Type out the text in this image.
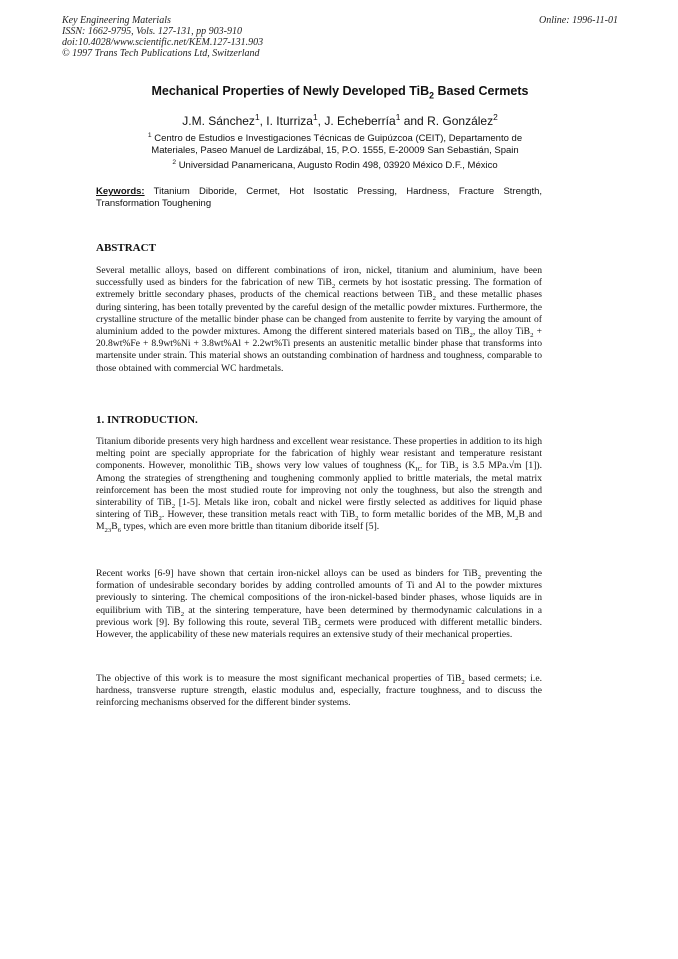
Key Engineering Materials
ISSN: 1662-9795, Vols. 127-131, pp 903-910
doi:10.4028/www.scientific.net/KEM.127-131.903
© 1997 Trans Tech Publications Ltd, Switzerland
Online: 1996-11-01
Mechanical Properties of Newly Developed TiB$_2$ Based Cermets
J.M. Sánchez$^1$, I. Iturriza$^1$, J. Echeberría$^1$ and R. González$^2$
$^1$ Centro de Estudios e Investigaciones Técnicas de Guipúzcoa (CEIT), Departamento de
Materiales, Paseo Manuel de Lardizábal, 15, P.O. 1555, E-20009 San Sebastián, Spain
$^2$ Universidad Panamericana, Augusto Rodin 498, 03920 México D.F., México
Keywords: Titanium Diboride, Cermet, Hot Isostatic Pressing, Hardness, Fracture Strength, Transformation Toughening
ABSTRACT
Several metallic alloys, based on different combinations of iron, nickel, titanium and aluminium, have been successfully used as binders for the fabrication of new TiB$_2$ cermets by hot isostatic pressing. The formation of extremely brittle secondary phases, products of the chemical reactions between TiB$_2$ and these metallic phases during sintering, has been totally prevented by the careful design of the metallic powder mixtures. Furthermore, the crystalline structure of the metallic binder phase can be changed from austenite to ferrite by varying the amount of aluminium added to the powder mixtures. Among the different sintered materials based on TiB$_2$, the alloy TiB$_2$ + 20.8wt%Fe + 8.9wt%Ni + 3.8wt%Al + 2.2wt%Ti presents an austenitic metallic binder phase that transforms into martensite under strain. This material shows an outstanding combination of hardness and toughness, comparable to those obtained with commercial WC hardmetals.
1. INTRODUCTION.
Titanium diboride presents very high hardness and excellent wear resistance. These properties in addition to its high melting point are specially appropriate for the fabrication of highly wear resistant and temperature resistant components. However, monolithic TiB$_2$ shows very low values of toughness ($K_{IC}$ for TiB$_2$ is 3.5 MPa.√m [1]). Among the strategies of strengthening and toughening commonly applied to brittle materials, the metal matrix reinforcement has been the most studied route for improving not only the toughness, but also the strength and sinterability of TiB$_2$ [1-5]. Metals like iron, cobalt and nickel were firstly selected as additives for liquid phase sintering of TiB$_2$. However, these transition metals react with TiB$_2$ to form metallic borides of the MB, $M_2B$ and $M_{23}B_6$ types, which are even more brittle than titanium diboride itself [5].
Recent works [6-9] have shown that certain iron-nickel alloys can be used as binders for TiB$_2$ preventing the formation of undesirable secondary borides by adding controlled amounts of Ti and Al to the powder mixtures previously to sintering. The chemical compositions of the iron-nickel-based binder phases, whose liquids are in equilibrium with TiB$_2$ at the sintering temperature, have been determined by thermodynamic calculations in a previous work [9]. By following this route, several TiB$_2$ cermets were produced with different metallic binders. However, the applicability of these new materials requires an extensive study of their mechanical properties.
The objective of this work is to measure the most significant mechanical properties of TiB$_2$ based cermets; i.e. hardness, transverse rupture strength, elastic modulus and, especially, fracture toughness, and to discuss the reinforcing mechanisms observed for the different binder systems.
